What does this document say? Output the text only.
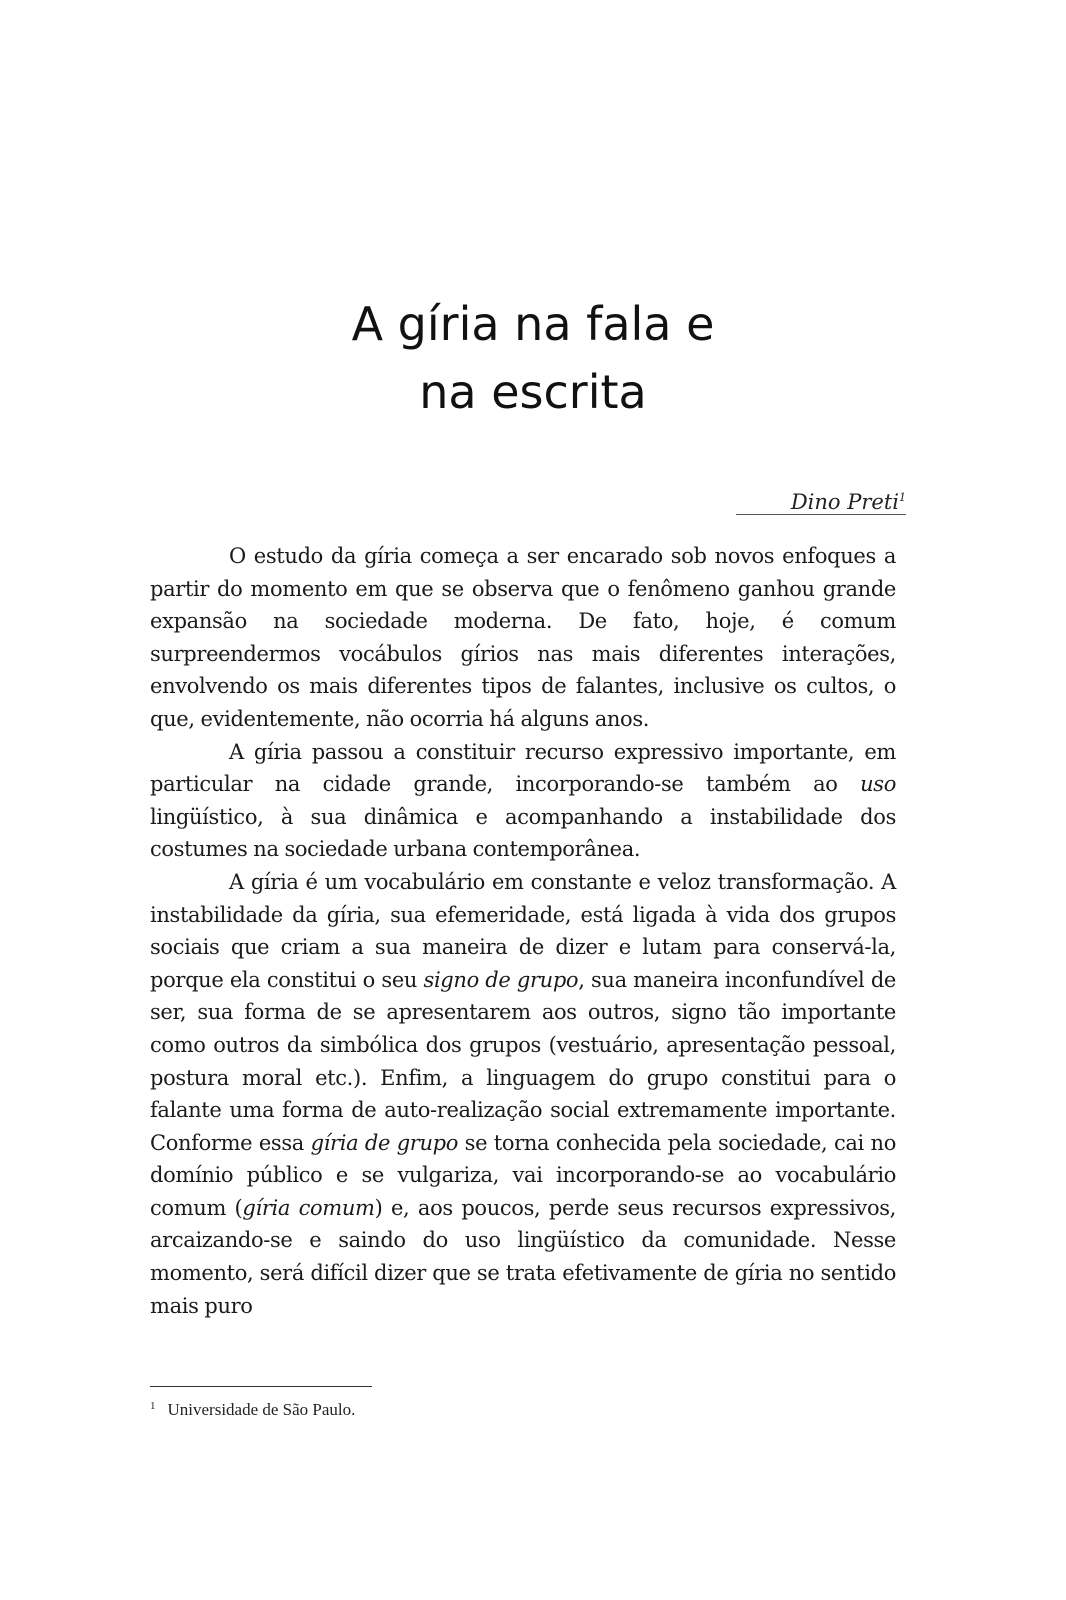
A gíria na fala e
na escrita
Dino Preti$^1$

O estudo da gíria começa a ser encarado sob novos enfoques a partir do momento em que se observa que o fenômeno ganhou grande expansão na sociedade moderna. De fato, hoje, é comum surpreendermos vocábulos gírios nas mais diferentes interações, envolvendo os mais diferentes tipos de falantes, inclusive os cultos, o que, evidentemente, não ocorria há alguns anos.

A gíria passou a constituir recurso expressivo importante, em particular na cidade grande, incorporando-se também ao uso lingüístico, à sua dinâmica e acompanhando a instabilidade dos costumes na sociedade urbana contemporânea.

A gíria é um vocabulário em constante e veloz transformação. A instabilidade da gíria, sua efemeridade, está ligada à vida dos grupos sociais que criam a sua maneira de dizer e lutam para conservá-la, porque ela constitui o seu signo de grupo, sua maneira inconfundível de ser, sua forma de se apresentarem aos outros, signo tão importante como outros da simbólica dos grupos (vestuário, apresentação pessoal, postura moral etc.). Enfim, a linguagem do grupo constitui para o falante uma forma de auto-realização social extremamente importante. Conforme essa gíria de grupo se torna conhecida pela sociedade, cai no domínio público e se vulgariza, vai incorporando-se ao vocabulário comum (gíria comum) e, aos poucos, perde seus recursos expressivos, arcaizando-se e saindo do uso lingüístico da comunidade. Nesse momento, será difícil dizer que se trata efetivamente de gíria no sentido mais puro

$^1$ Universidade de São Paulo.
